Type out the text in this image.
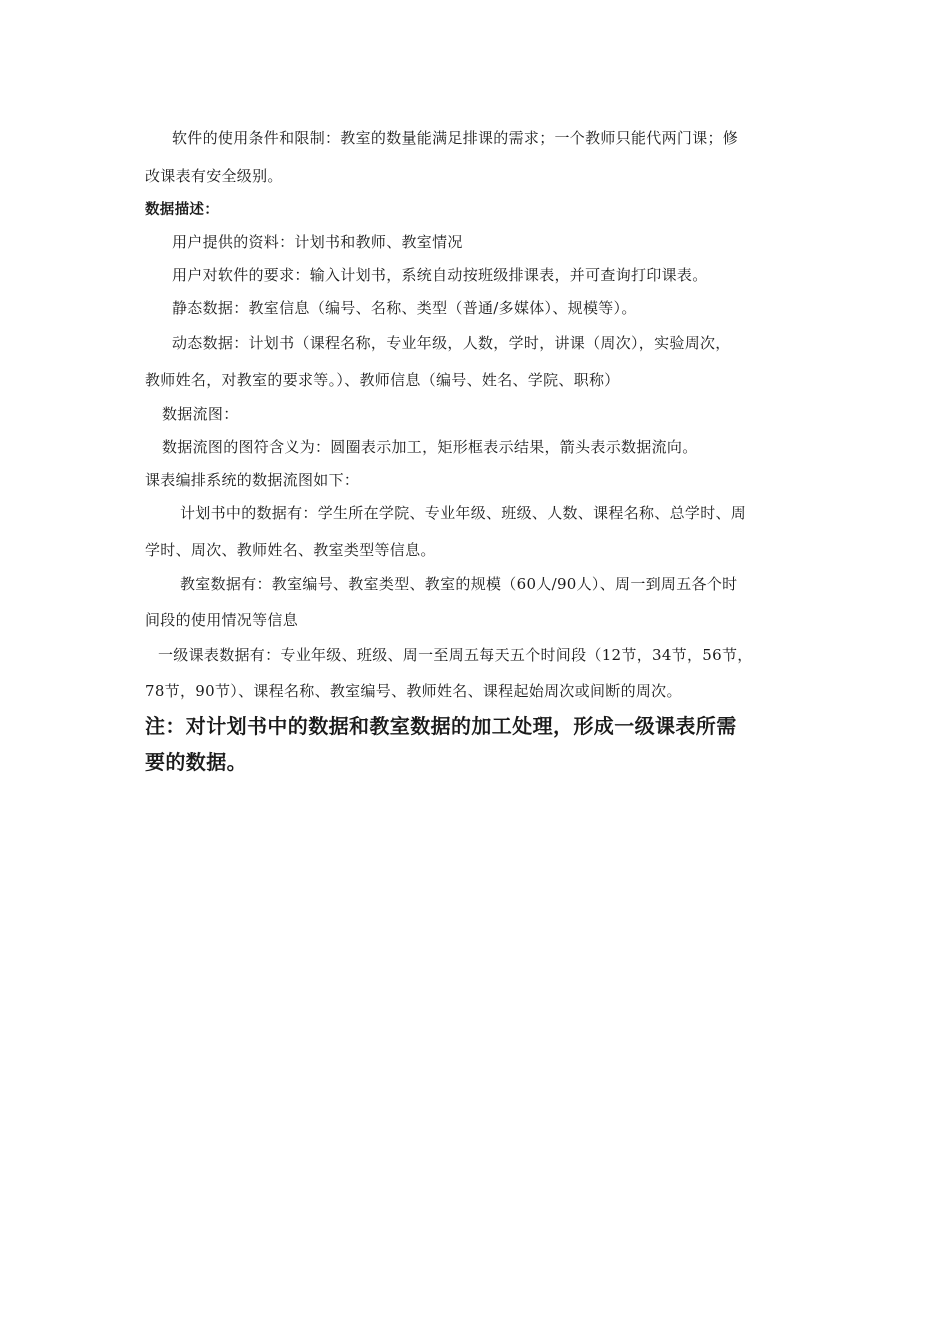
软件的使用条件和限制：教室的数量能满足排课的需求；一个教师只能代两门课；修
改课表有安全级别。
数据描述：
用户提供的资料：计划书和教师、教室情况
用户对软件的要求：输入计划书，系统自动按班级排课表，并可查询打印课表。
静态数据：教室信息（编号、名称、类型（普通/多媒体）、规模等）。
动态数据：计划书（课程名称，专业年级，人数，学时，讲课（周次），实验周次，
教师姓名，对教室的要求等。）、教师信息（编号、姓名、学院、职称）
数据流图：
数据流图的图符含义为：圆圈表示加工，矩形框表示结果，箭头表示数据流向。
课表编排系统的数据流图如下：
计划书中的数据有：学生所在学院、专业年级、班级、人数、课程名称、总学时、周
学时、周次、教师姓名、教室类型等信息。
教室数据有：教室编号、教室类型、教室的规模（60人/90人）、周一到周五各个时
间段的使用情况等信息
一级课表数据有：专业年级、班级、周一至周五每天五个时间段（12节，34节，56节，
78节，90节）、课程名称、教室编号、教师姓名、课程起始周次或间断的周次。
注：对计划书中的数据和教室数据的加工处理，形成一级课表所需
要的数据。
